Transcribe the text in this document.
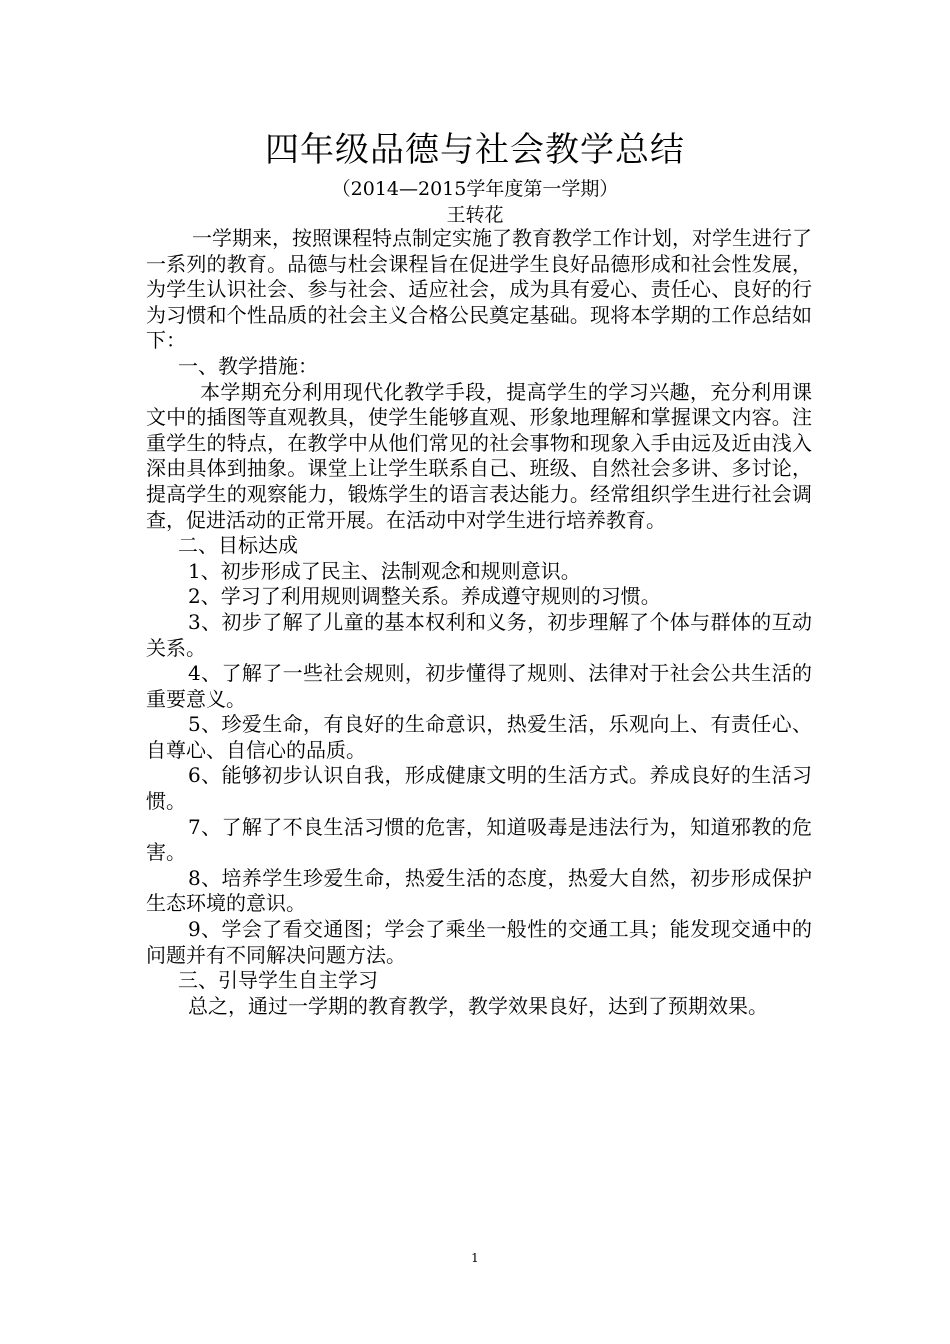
四年级品德与社会教学总结
（2014—2015学年度第一学期）
王转花

一学期来，按照课程特点制定实施了教育教学工作计划，对学生进行了一系列的教育。品德与杜会课程旨在促进学生良好品德形成和社会性发展，为学生认识社会、参与社会、适应社会，成为具有爱心、责任心、良好的行为习惯和个性品质的社会主义合格公民奠定基础。现将本学期的工作总结如下：

一、教学措施：

本学期充分利用现代化教学手段，提高学生的学习兴趣，充分利用课文中的插图等直观教具，使学生能够直观、形象地理解和掌握课文内容。注重学生的特点，在教学中从他们常见的社会事物和现象入手由远及近由浅入深由具体到抽象。课堂上让学生联系自己、班级、自然社会多讲、多讨论，提高学生的观察能力，锻炼学生的语言表达能力。经常组织学生进行社会调查，促进活动的正常开展。在活动中对学生进行培养教育。

二、目标达成

1、初步形成了民主、法制观念和规则意识。

2、学习了利用规则调整关系。养成遵守规则的习惯。

3、初步了解了儿童的基本权利和义务，初步理解了个体与群体的互动关系。

4、了解了一些社会规则，初步懂得了规则、法律对于社会公共生活的重要意义。

5、珍爱生命，有良好的生命意识，热爱生活，乐观向上、有责任心、自尊心、自信心的品质。

6、能够初步认识自我，形成健康文明的生活方式。养成良好的生活习惯。

7、了解了不良生活习惯的危害，知道吸毒是违法行为，知道邪教的危害。

8、培养学生珍爱生命，热爱生活的态度，热爱大自然，初步形成保护生态环境的意识。

9、学会了看交通图；学会了乘坐一般性的交通工具；能发现交通中的问题并有不同解决问题方法。

三、引导学生自主学习

总之，通过一学期的教育教学，教学效果良好，达到了预期效果。

1
